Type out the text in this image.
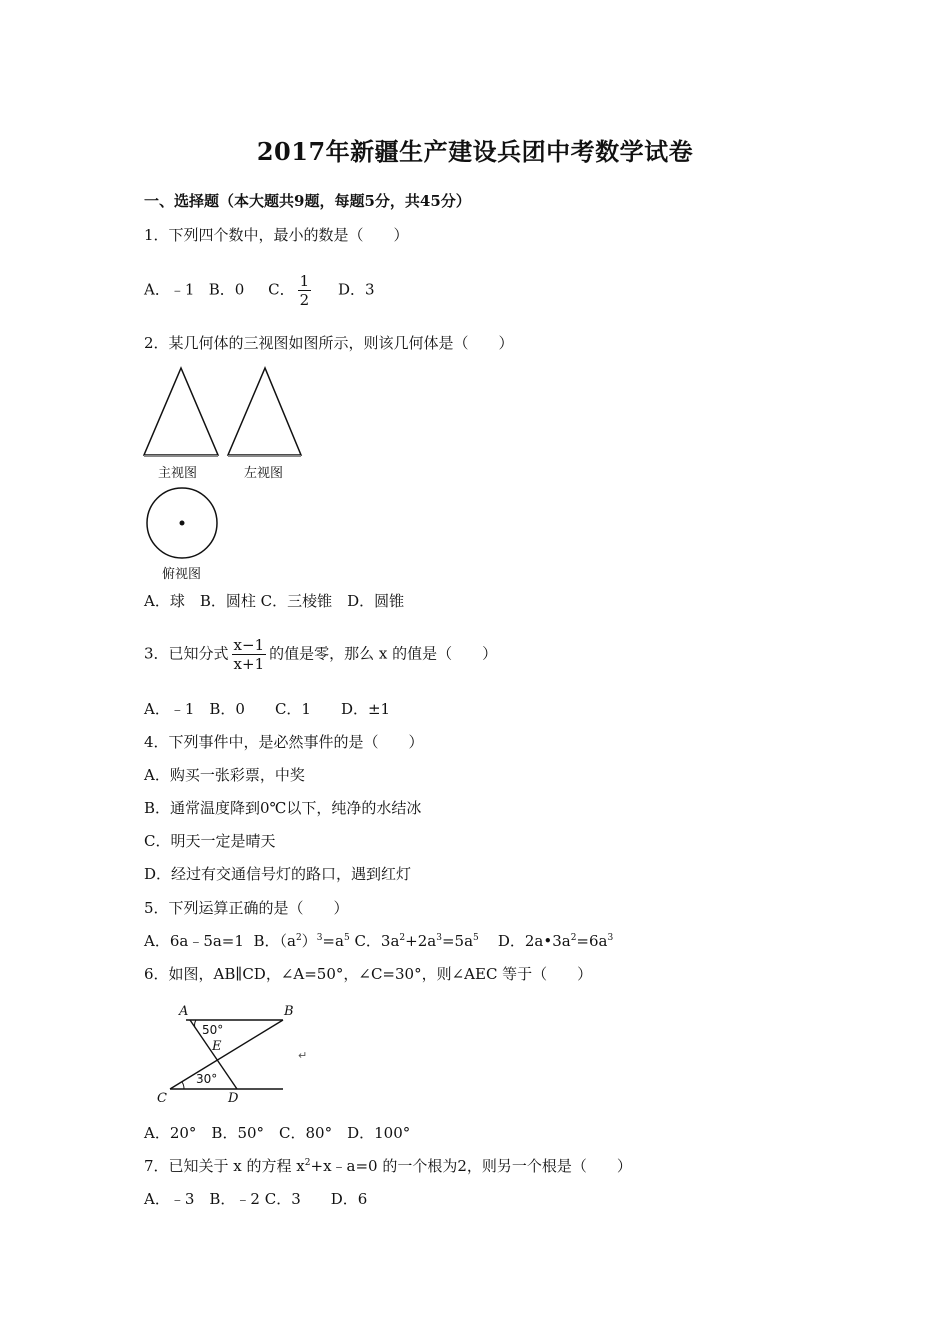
2017年新疆生产建设兵团中考数学试卷
一、选择题（本大题共9题，每题5分，共45分）
1．下列四个数中，最小的数是（　　）
A．﹣1 B．0 C． $\frac{1}{2}$ D．3
2．某几何体的三视图如图所示，则该几何体是（　　）
主视图	左视图
俯视图
A．球　B．圆柱 C．三棱锥　D．圆锥
3．已知分式 $\frac{x-1}{x+1}$ 的值是零，那么 x 的值是（　　）
A．﹣1　B．0　　C．1　　D．±1
4．下列事件中，是必然事件的是（　　）
A．购买一张彩票，中奖
B．通常温度降到0℃以下，纯净的水结冰
C．明天一定是晴天
D．经过有交通信号灯的路口，遇到红灯
5．下列运算正确的是（　　）
A．6a﹣5a=1 B．$(a^2)^3=a^5$ C．$3a^2+2a^3=5a^5$ D．$2a•3a^2=6a^3$
6．如图，AB∥CD，∠A=50°，∠C=30°，则∠AEC 等于（　　）
A	B
C	D
E
50°
30°
↵
A．20°　B．50°　C．80°　D．100°
7．已知关于 x 的方程 $x^2+x﹣a=0$ 的一个根为2，则另一个根是（　　）
A．﹣3　B．﹣2 C．3　　D．6
